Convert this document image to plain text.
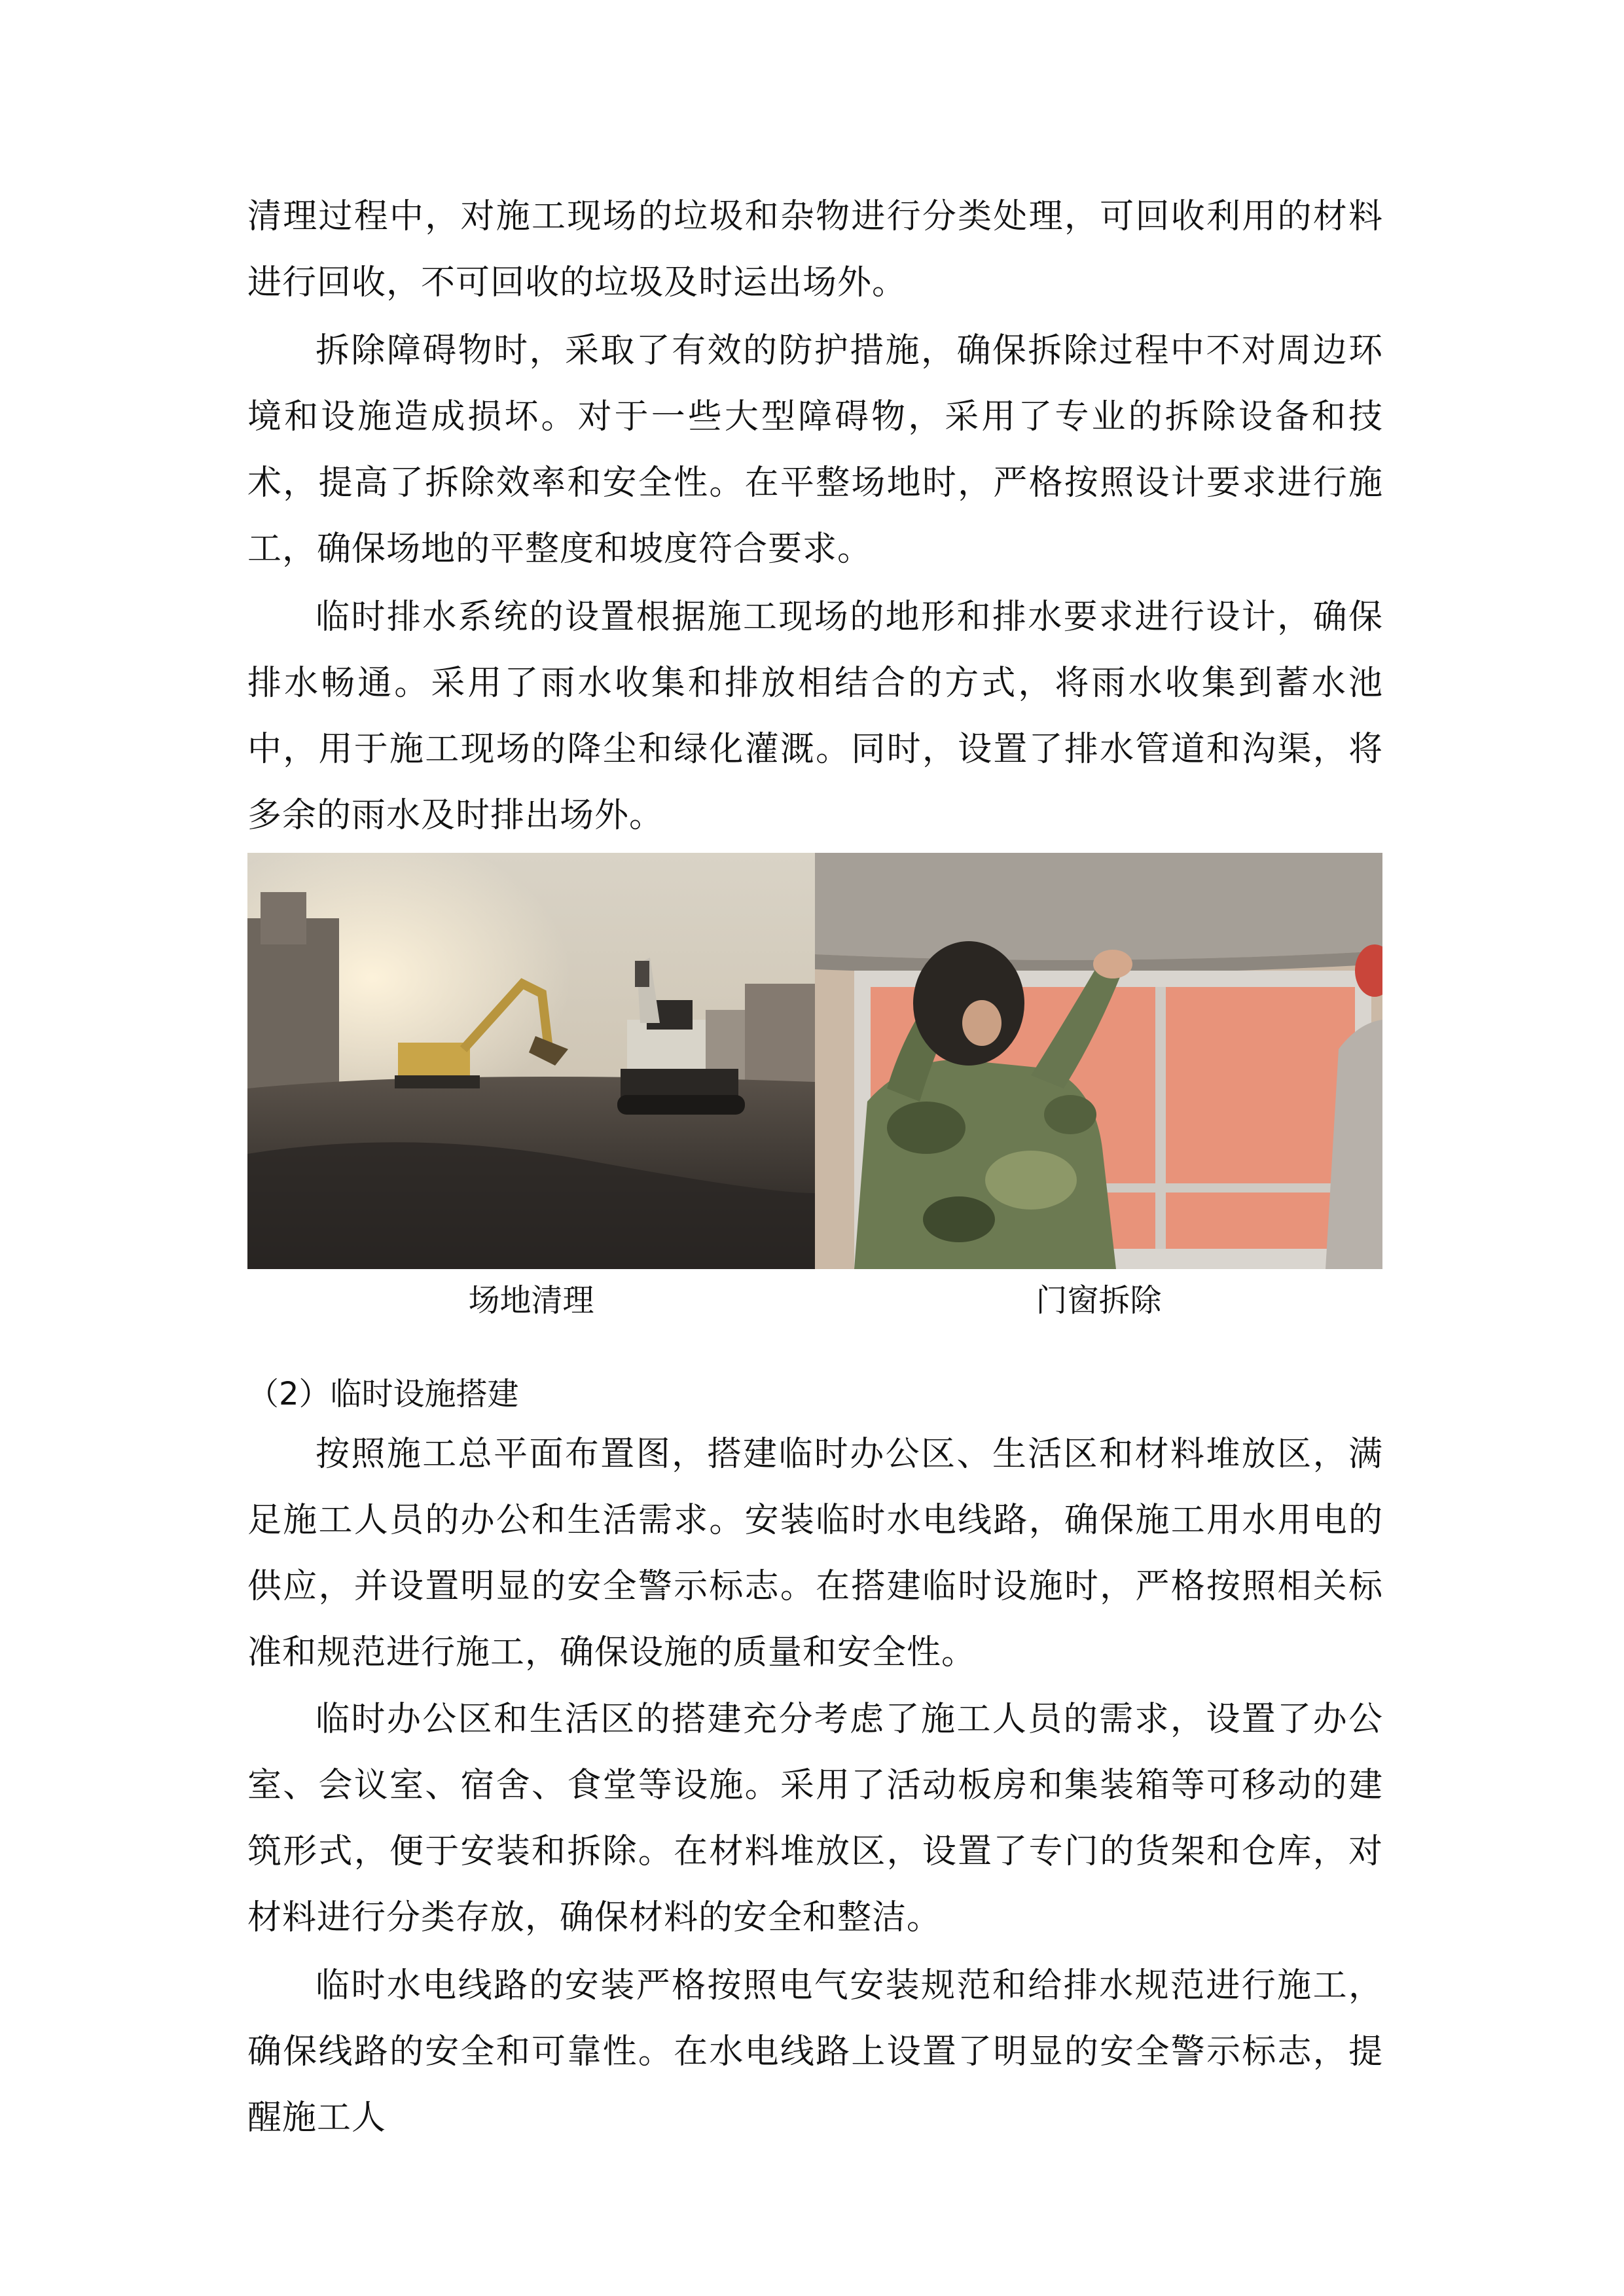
清理过程中，对施工现场的垃圾和杂物进行分类处理，可回收利用的材料进行回收，不可回收的垃圾及时运出场外。

拆除障碍物时，采取了有效的防护措施，确保拆除过程中不对周边环境和设施造成损坏。对于一些大型障碍物，采用了专业的拆除设备和技术，提高了拆除效率和安全性。在平整场地时，严格按照设计要求进行施工，确保场地的平整度和坡度符合要求。

临时排水系统的设置根据施工现场的地形和排水要求进行设计，确保排水畅通。采用了雨水收集和排放相结合的方式，将雨水收集到蓄水池中，用于施工现场的降尘和绿化灌溉。同时，设置了排水管道和沟渠，将多余的雨水及时排出场外。

场地清理	门窗拆除
（2）临时设施搭建

按照施工总平面布置图，搭建临时办公区、生活区和材料堆放区，满足施工人员的办公和生活需求。安装临时水电线路，确保施工用水用电的供应，并设置明显的安全警示标志。在搭建临时设施时，严格按照相关标准和规范进行施工，确保设施的质量和安全性。

临时办公区和生活区的搭建充分考虑了施工人员的需求，设置了办公室、会议室、宿舍、食堂等设施。采用了活动板房和集装箱等可移动的建筑形式，便于安装和拆除。在材料堆放区，设置了专门的货架和仓库，对材料进行分类存放，确保材料的安全和整洁。

临时水电线路的安装严格按照电气安装规范和给排水规范进行施工，确保线路的安全和可靠性。在水电线路上设置了明显的安全警示标志，提醒施工人
